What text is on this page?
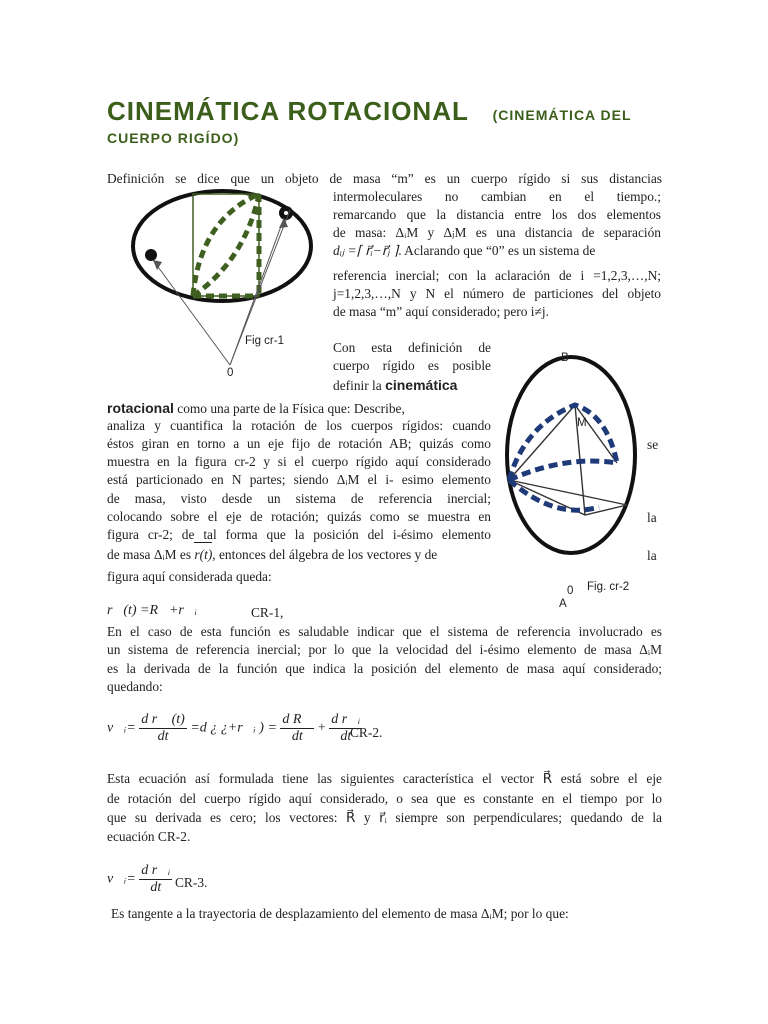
CINEMÁTICA ROTACIONAL (CINEMÁTICA DEL
CUERPO RIGÍDO)
Definición se dice que un objeto de masa “m” es un cuerpo rígido si sus distancias
intermoleculares no cambian en el tiempo.;
remarcando que la distancia entre los dos elementos
de masa: ΔᵢM y ΔⱼM es una distancia de separación
dᵢⱼ =⌈ r⃗ᵢ−r⃗ⱼ ⌉. Aclarando que “0” es un sistema de
referencia inercial; con la aclaración de i =1,2,3,…,N;
j=1,2,3,…,N y N el número de particiones del objeto
de masa “m” aquí considerado; pero i≠j.
Fig cr-1
0
Con esta definición de
cuerpo rígido es posible
definir la cinemática
rotacional como una parte de la Física que: Describe,
analiza y cuantifica la rotación de los cuerpos rígidos: cuando
éstos giran en torno a un eje fijo de rotación AB; quizás como
muestra en la figura cr-2 y si el cuerpo rígido aquí considerado
está particionado en N partes; siendo ΔᵢM el i- esimo elemento
de masa, visto desde un sistema de referencia inercial;
colocando sobre el eje de rotación; quizás como se muestra en
figura cr-2; de tal forma que la posición del i-ésimo elemento
de masa ΔᵢM es r(t), entonces del álgebra de los vectores y de
figura aquí considerada queda:
se
la
la
B
M
0 Fig. cr-2
A
r⃗(t) =R⃗+r⃗ᵢ	CR-1,
En el caso de esta función es saludable indicar que el sistema de referencia involucrado es
un sistema de referencia inercial; por lo que la velocidad del i-ésimo elemento de masa ΔᵢM
es la derivada de la función que indica la posición del elemento de masa aquí considerado;
quedando:
v⃗ᵢ= $\frac{\text{d r⃗ (t)}}{dt} =d$ ¿ ¿+r⃗ᵢ ) = $\frac{\text{d R⃗}}{dt} + \frac{\text{d r⃗ᵢ}}{dt}$
CR-2.
Esta ecuación así formulada tiene las siguientes característica el vector R⃗ está sobre el eje
de rotación del cuerpo rígido aquí considerado, o sea que es constante en el tiempo por lo
que su derivada es cero; los vectores: R⃗ y r⃗ᵢ siempre son perpendiculares; quedando de la
ecuación CR-2.
v⃗ᵢ= $\frac{\text{d r⃗ᵢ}}{dt} CR-3$.
Es tangente a la trayectoria de desplazamiento del elemento de masa ΔᵢM; por lo que:
